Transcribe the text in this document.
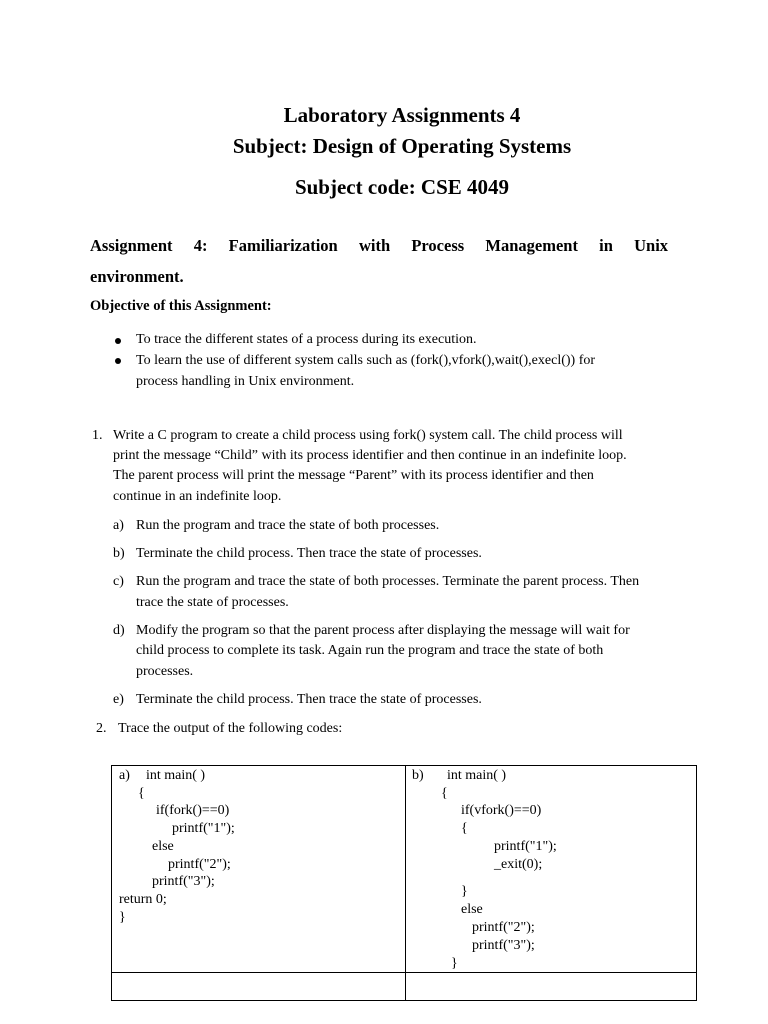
Laboratory Assignments 4
Subject: Design of Operating Systems
Subject code: CSE 4049
Assignment 4: Familiarization with Process Management in Unix
environment.
Objective of this Assignment:
To trace the different states of a process during its execution.
To learn the use of different system calls such as (fork(),vfork(),wait(),execl()) for
process handling in Unix environment.
1. Write a C program to create a child process using fork() system call. The child process will
print the message “Child” with its process identifier and then continue in an indefinite loop.
The parent process will print the message “Parent” with its process identifier and then
continue in an indefinite loop.
a) Run the program and trace the state of both processes.
b) Terminate the child process. Then trace the state of processes.
c) Run the program and trace the state of both processes. Terminate the parent process. Then
trace the state of processes.
d) Modify the program so that the parent process after displaying the message will wait for
child process to complete its task. Again run the program and trace the state of both
processes.
e) Terminate the child process. Then trace the state of processes.
2. Trace the output of the following codes:
a) int main( )
{
if(fork()==0)
printf("1");
else
printf("2");
printf("3");
return 0;
}
b) int main( )
{
if(vfork()==0)
{
printf("1");
_exit(0);
}
else
printf("2");
printf("3");
}
